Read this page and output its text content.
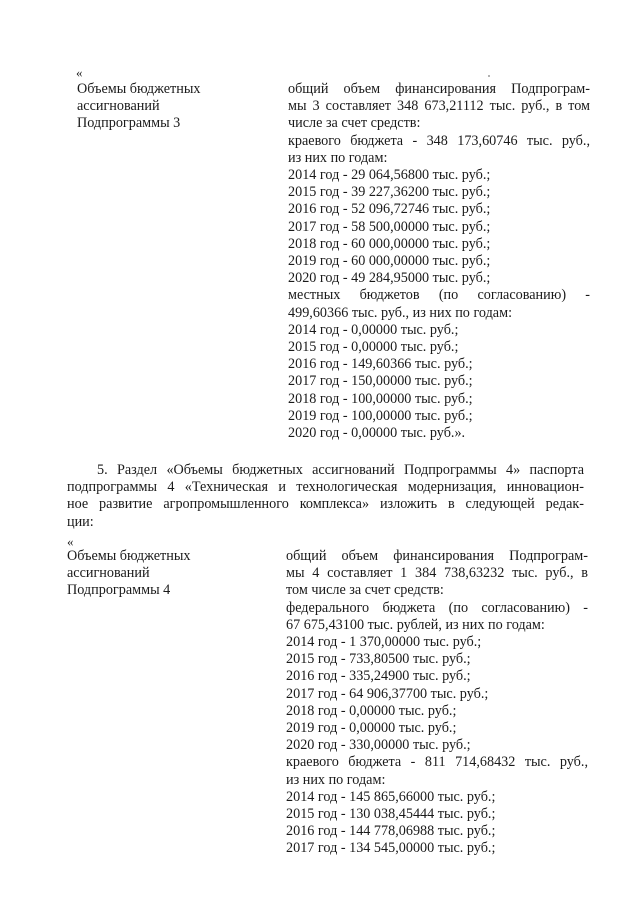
«
Объемы бюджетных
ассигнований
Подпрограммы 3
общий объем финансирования Подпрограм-
мы 3 составляет 348 673,21112 тыс. руб., в том
числе за счет средств:
краевого бюджета - 348 173,60746 тыс. руб.,
из них по годам:
2014 год - 29 064,56800 тыс. руб.;
2015 год - 39 227,36200 тыс. руб.;
2016 год - 52 096,72746 тыс. руб.;
2017 год - 58 500,00000 тыс. руб.;
2018 год - 60 000,00000 тыс. руб.;
2019 год - 60 000,00000 тыс. руб.;
2020 год - 49 284,95000 тыс. руб.;
местных бюджетов (по согласованию) -
499,60366 тыс. руб., из них по годам:
2014 год - 0,00000 тыс. руб.;
2015 год - 0,00000 тыс. руб.;
2016 год - 149,60366 тыс. руб.;
2017 год - 150,00000 тыс. руб.;
2018 год - 100,00000 тыс. руб.;
2019 год - 100,00000 тыс. руб.;
2020 год - 0,00000 тыс. руб.».
5. Раздел «Объемы бюджетных ассигнований Подпрограммы 4» паспорта
подпрограммы 4 «Техническая и технологическая модернизация, инновацион-
ное развитие агропромышленного комплекса» изложить в следующей редак-
ции:
«
Объемы бюджетных
ассигнований
Подпрограммы 4
общий объем финансирования Подпрограм-
мы 4 составляет 1 384 738,63232 тыс. руб., в
том числе за счет средств:
федерального бюджета (по согласованию) -
67 675,43100 тыс. рублей, из них по годам:
2014 год - 1 370,00000 тыс. руб.;
2015 год - 733,80500 тыс. руб.;
2016 год - 335,24900 тыс. руб.;
2017 год - 64 906,37700 тыс. руб.;
2018 год - 0,00000 тыс. руб.;
2019 год - 0,00000 тыс. руб.;
2020 год - 330,00000 тыс. руб.;
краевого бюджета - 811 714,68432 тыс. руб.,
из них по годам:
2014 год - 145 865,66000 тыс. руб.;
2015 год - 130 038,45444 тыс. руб.;
2016 год - 144 778,06988 тыс. руб.;
2017 год - 134 545,00000 тыс. руб.;
